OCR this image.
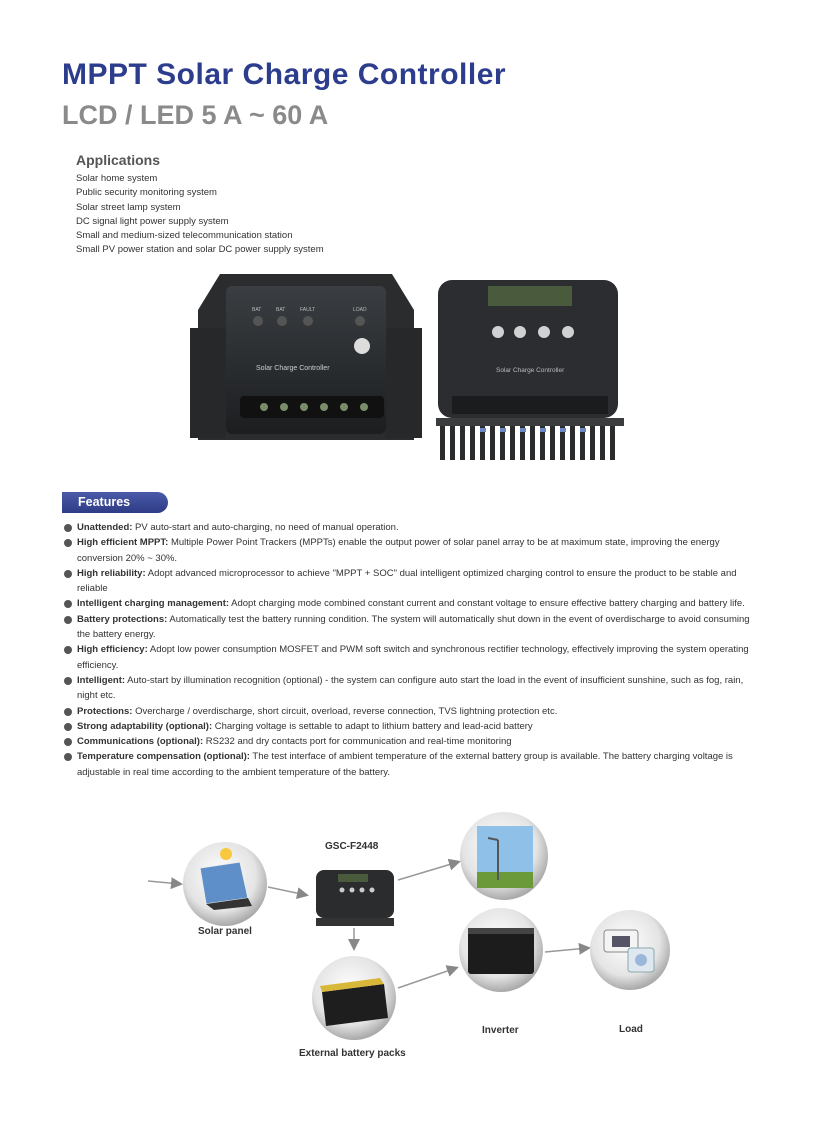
MPPT Solar Charge Controller
LCD / LED 5 A ~ 60 A
Applications
Solar home system
Public security monitoring system
Solar street lamp system
DC signal light power supply system
Small and medium-sized telecommunication station
Small PV power station and solar DC power supply system
BAT	BAT	FAULT	LOAD
Solar Charge Controller	Solar Charge Controller
Features
Unattended: PV auto-start and auto-charging, no need of manual operation.
High efficient MPPT: Multiple Power Point Trackers (MPPTs) enable the output power of solar panel array to be at maximum state, improving the energy conversion 20% ~ 30%.
High reliability: Adopt advanced microprocessor to achieve "MPPT + SOC" dual intelligent optimized charging control to ensure the product to be stable and reliable
Intelligent charging management: Adopt charging mode combined constant current and constant voltage to ensure effective battery charging and battery life.
Battery protections: Automatically test the battery running condition. The system will automatically shut down in the event of overdischarge to avoid consuming the battery energy.
High efficiency: Adopt low power consumption MOSFET and PWM soft switch and synchronous rectifier technology, effectively improving the system operating efficiency.
Intelligent: Auto-start by illumination recognition (optional) - the system can configure auto start the load in the event of insufficient sunshine, such as fog, rain, night etc.
Protections: Overcharge / overdischarge, short circuit, overload, reverse connection, TVS lightning protection etc.
Strong adaptability (optional): Charging voltage is settable to adapt to lithium battery and lead-acid battery
Communications (optional): RS232 and dry contacts port for communication and real-time monitoring
Temperature compensation (optional): The test interface of ambient temperature of the external battery group is available. The battery charging voltage is adjustable in real time according to the ambient temperature of the battery.
GSC-F2448
Solar panel
External battery packs
Inverter	Load
